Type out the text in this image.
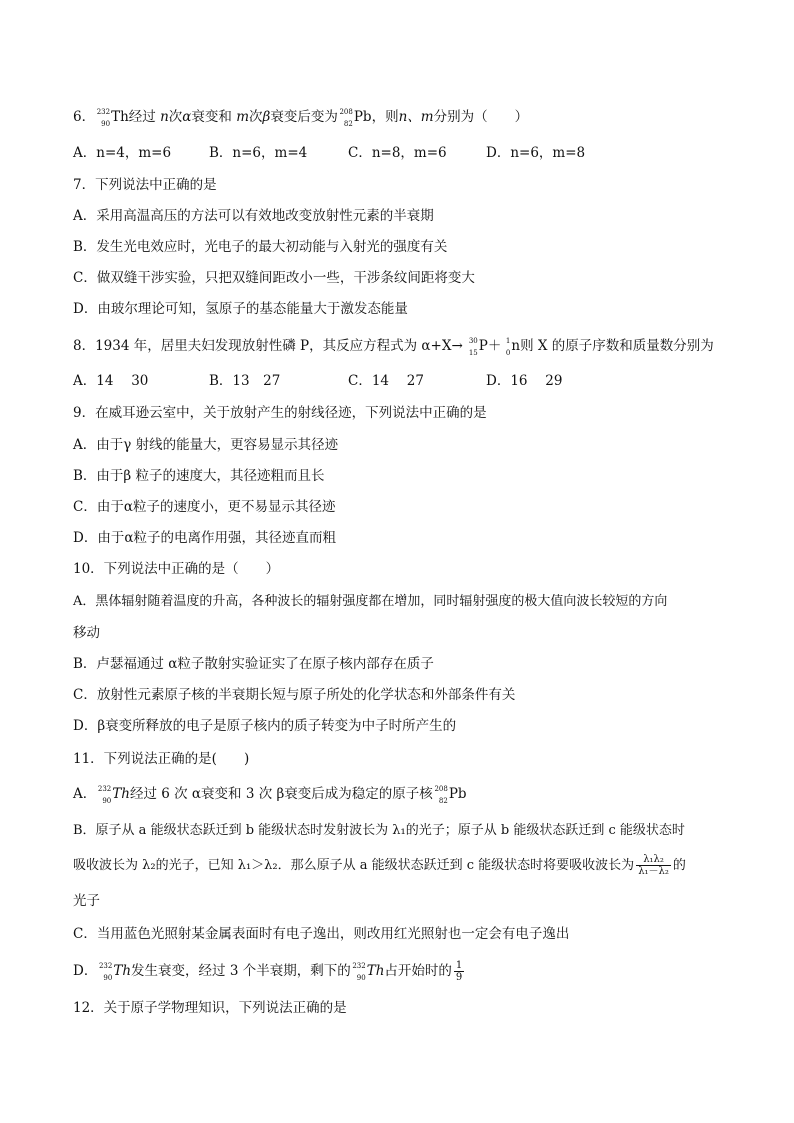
6． 232
90 Th经过 n次α衰变和 m次β衰变后变为 208
82 Pb，则n、m分别为（　　）
A．n=4，m=6	B．n=6，m=4	C．n=8，m=6	D．n=6，m=8
7．下列说法中正确的是
A．采用高温高压的方法可以有效地改变放射性元素的半衰期
B．发生光电效应时，光电子的最大初动能与入射光的强度有关
C．做双缝干涉实验，只把双缝间距改小一些，干涉条纹间距将变大
D．由玻尔理论可知，氢原子的基态能量大于激发态能量
8．1934 年，居里夫妇发现放射性磷 P，其反应方程式为 α+X→ 30
15 P＋ 1
0 n则 X 的原子序数和质量数分别为
A．14　 30	B．13　27	C．14　 27	D．16　 29
9．在威耳逊云室中，关于放射产生的射线径迹，下列说法中正确的是
A．由于γ 射线的能量大，更容易显示其径迹
B．由于β 粒子的速度大，其径迹粗而且长
C．由于α粒子的速度小，更不易显示其径迹
D．由于α粒子的电离作用强，其径迹直而粗
10．下列说法中正确的是（　　）
A．黑体辐射随着温度的升高，各种波长的辐射强度都在增加，同时辐射强度的极大值向波长较短的方向
移动
B．卢瑟福通过 α粒子散射实验证实了在原子核内部存在质子
C．放射性元素原子核的半衰期长短与原子所处的化学状态和外部条件有关
D．β衰变所释放的电子是原子核内的质子转变为中子时所产生的
11．下列说法正确的是(　　)
A． 232
90 Th经过 6 次 α衰变和 3 次 β衰变后成为稳定的原子核 208
82 Pb
B．原子从 a 能级状态跃迁到 b 能级状态时发射波长为 λ₁的光子；原子从 b 能级状态跃迁到 c 能级状态时
吸收波长为 λ₂的光子，已知 λ₁＞λ₂．那么原子从 a 能级状态跃迁到 c 能级状态时将要吸收波长为 $\frac{\text{λ₁λ₂}}{\text{λ₁－λ₂}}$ 的
光子
C．当用蓝色光照射某金属表面时有电子逸出，则改用红光照射也一定会有电子逸出
D． 232
90 Th发生衰变，经过 3 个半衰期，剩下的 232
90 Th占开始时的 $\frac{1}{9}$
12．关于原子学物理知识，下列说法正确的是
